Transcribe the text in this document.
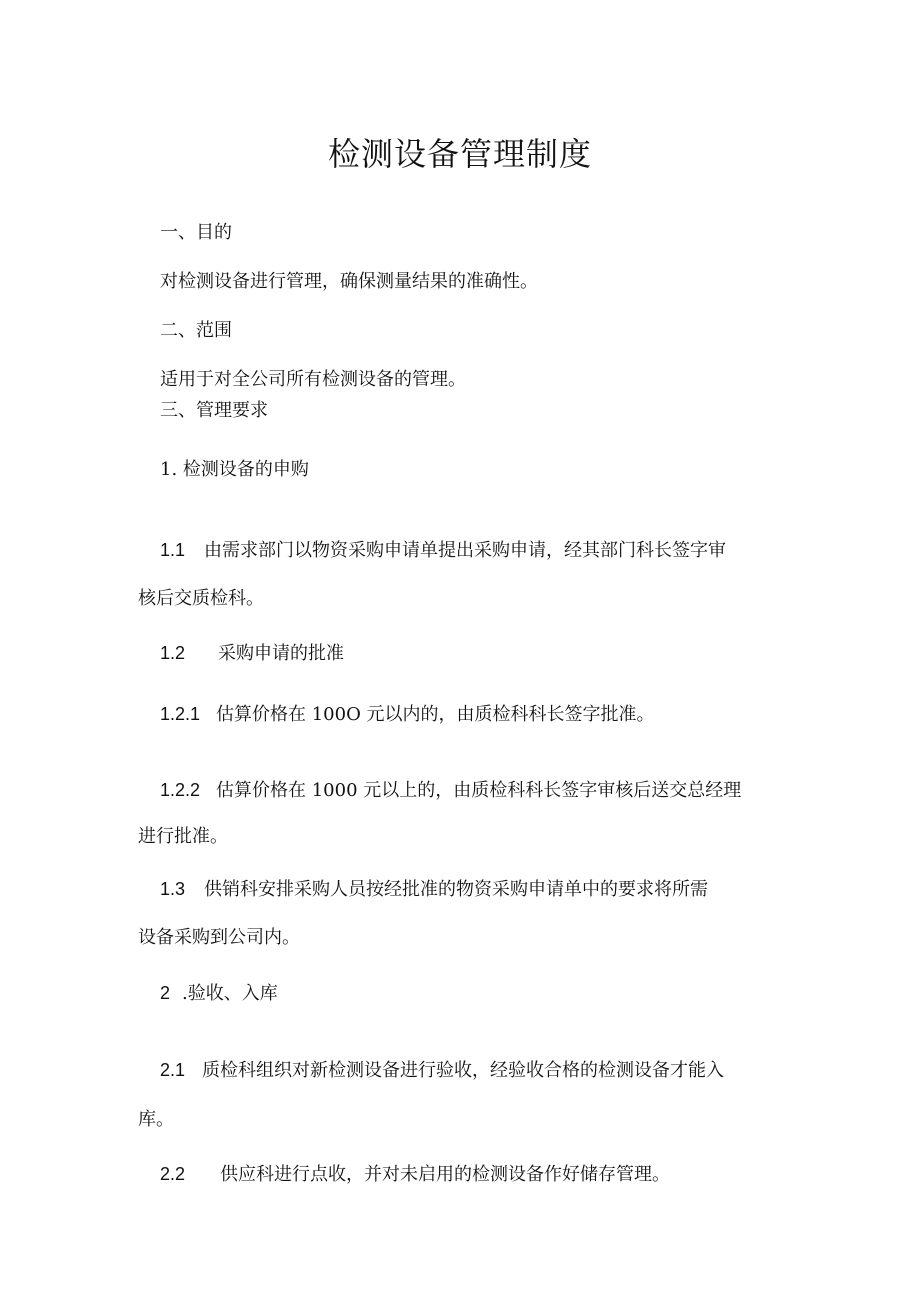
检测设备管理制度
一、目的
对检测设备进行管理，确保测量结果的准确性。
二、范围
适用于对全公司所有检测设备的管理。
三、管理要求
1. 检测设备的申购
1.1 由需求部门以物资采购申请单提出采购申请，经其部门科长签字审
核后交质检科。
1.2 采购申请的批准
1.2.1 估算价格在 100O 元以内的，由质检科科长签字批准。
1.2.2 估算价格在 1000 元以上的，由质检科科长签字审核后送交总经理
进行批准。
1.3 供销科安排采购人员按经批准的物资采购申请单中的要求将所需
设备采购到公司内。
2 .验收、入库
2.1 质检科组织对新检测设备进行验收，经验收合格的检测设备才能入
库。
2.2 供应科进行点收，并对未启用的检测设备作好储存管理。
